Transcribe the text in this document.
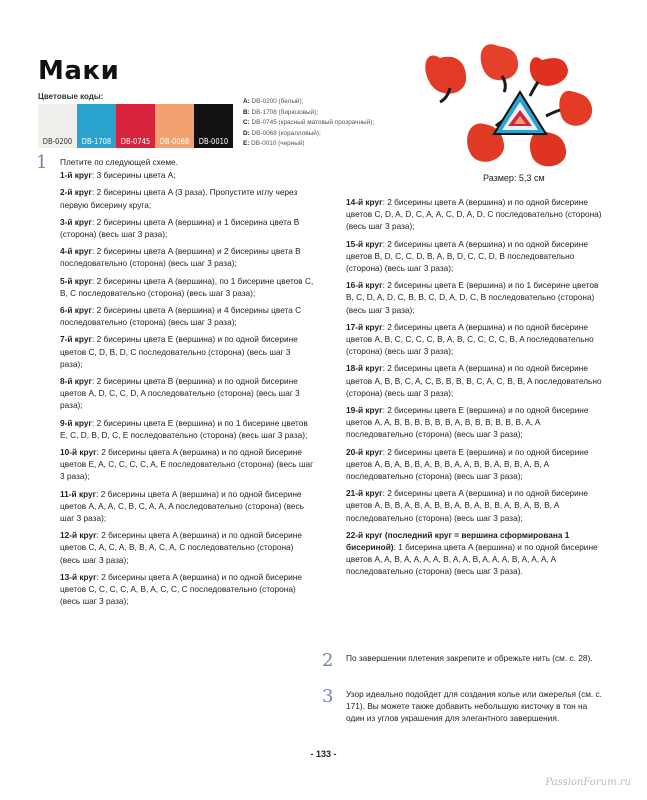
Маки
Цветовые коды:
DB-0200	DB-1708	DB-0745	DB-0068	DB-0010
A: DB-0200 (белый);
B: DB-1708 (бирюзовый);
C: DB-0745 (красный матовый прозрачный);
D: DB-0068 (коралловый);
E: DB-0010 (черный)
Размер: 5,3 см
1 Плетите по следующей схеме.

1-й круг: 3 бисерины цвета A;

2-й круг: 2 бисерины цвета A (3 раза). Пропустите иглу через первую бисерину круга;

3-й круг: 2 бисерины цвета A (вершина) и 1 бисерина цвета B (сторона) (весь шаг 3 раза);

4-й круг: 2 бисерины цвета A (вершина) и 2 бисерины цвета B последовательно (сторона) (весь шаг 3 раза);

5-й круг: 2 бисерины цвета A (вершина), по 1 бисерине цветов C, B, C последовательно (сторона) (весь шаг 3 раза);

6-й круг: 2 бисерины цвета A (вершина) и 4 бисерины цвета C последовательно (сторона) (весь шаг 3 раза);

7-й круг: 2 бисерины цвета E (вершина) и по одной бисерине цветов C, D, B, D, C последовательно (сторона) (весь шаг 3 раза);

8-й круг: 2 бисерины цвета B (вершина) и по одной бисерине цветов A, D, C, C, D, A последовательно (сторона) (весь шаг 3 раза);

9-й круг: 2 бисерины цвета E (вершина) и по 1 бисерине цветов E, C, D, B, D, C, E последовательно (сторона) (весь шаг 3 раза);

10-й круг: 2 бисерины цвета A (вершина) и по одной бисерине цветов E, A, C, C, C, C, A, E последовательно (сторона) (весь шаг 3 раза);

11-й круг: 2 бисерины цвета A (вершина) и по одной бисерине цветов A, A, A, C, B, C, A, A, A последовательно (сторона) (весь шаг 3 раза);

12-й круг: 2 бисерины цвета A (вершина) и по одной бисерине цветов C, A, C, A, B, B, A, C, A, C последовательно (сторона) (весь шаг 3 раза);

13-й круг: 2 бисерины цвета A (вершина) и по одной бисерине цветов C, C, C, C, A, B, A, C, C, C последовательно (сторона) (весь шаг 3 раза);

14-й круг: 2 бисерины цвета A (вершина) и по одной бисерине цветов C, D, A, D, C, A, A, C, D, A, D, C последовательно (сторона) (весь шаг 3 раза);

15-й круг: 2 бисерины цвета A (вершина) и по одной бисерине цветов B, D, C, C, D, B, A, B, D, C, C, D, B последовательно (сторона) (весь шаг 3 раза);

16-й круг: 2 бисерины цвета E (вершина) и по 1 бисерине цветов B, C, D, A, D, C, B, B, C, D, A, D, C, B последовательно (сторона) (весь шаг 3 раза);

17-й круг: 2 бисерины цвета A (вершина) и по одной бисерине цветов A, B, C, C, C, C, B, A, B, C, C, C, C, B, A последовательно (сторона) (весь шаг 3 раза);

18-й круг: 2 бисерины цвета A (вершина) и по одной бисерине цветов A, B, B, C, A, C, B, B, B, B, C, A, C, B, B, A последовательно (сторона) (весь шаг 3 раза);

19-й круг: 2 бисерины цвета E (вершина) и по одной бисерине цветов A, A, B, B, B, B, B, B, A, B, B, B, B, B, B, A, A последовательно (сторона) (весь шаг 3 раза);

20-й круг: 2 бисерины цвета E (вершина) и по одной бисерине цветов A, B, A, B, B, A, B, B, A, A, B, B, A, B, B, A, B, A последовательно (сторона) (весь шаг 3 раза);

21-й круг: 2 бисерины цвета A (вершина) и по одной бисерине цветов A, B, B, A, B, A, B, B, A, B, A, B, B, A, B, A, B, B, A последовательно (сторона) (весь шаг 3 раза);

22-й круг (последний круг = вершина сформирована 1 бисериной): 1 бисерина цвета A (вершина) и по одной бисерине цветов A, A, B, A, A, A, A, B, A, A, B, A, A, A, B, A, A, A, A последовательно (сторона) (весь шаг 3 раза).

2 По завершении плетения закрепите и обрежьте нить (см. с. 28).
3 Узор идеально подойдет для создания колье или ожерелья (см. с. 171). Вы можете также добавить небольшую кисточку в тон на один из углов украшения для элегантного завершения.
- 133 -
PassionForum.ru
